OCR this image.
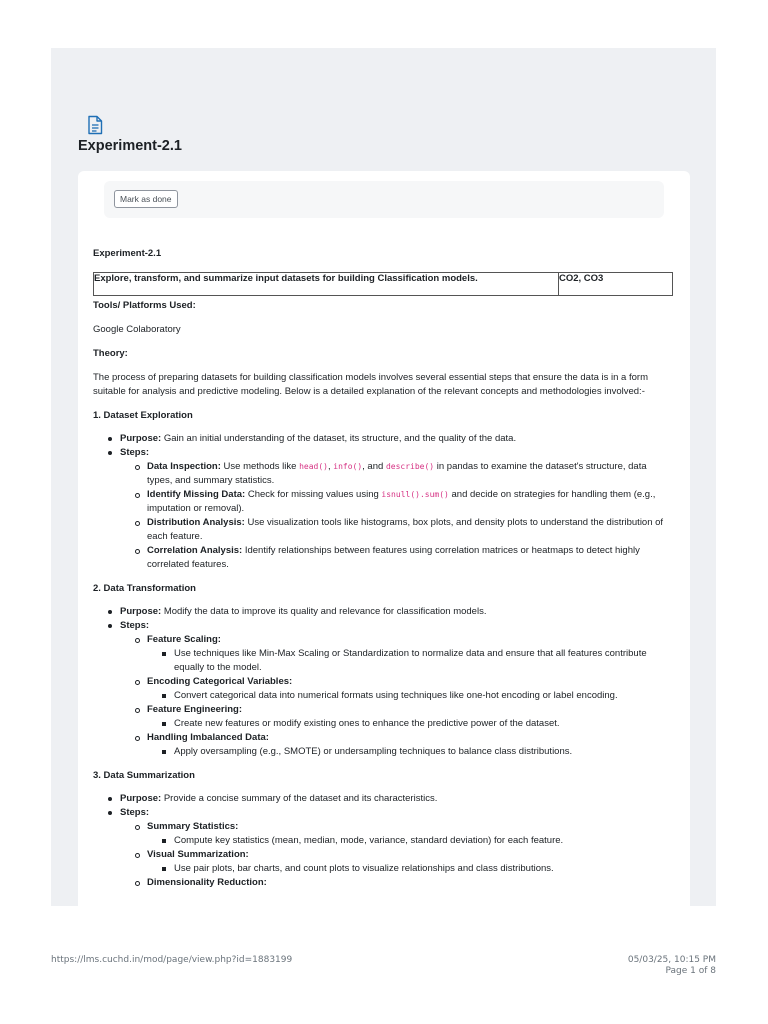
Experiment-2.1
Mark as done

Experiment-2.1

Explore, transform, and summarize input datasets for building Classification models.	CO2, CO3

Tools/ Platforms Used:

Google Colaboratory

Theory:

The process of preparing datasets for building classification models involves several essential steps that ensure the data is in a form suitable for analysis and predictive modeling. Below is a detailed explanation of the relevant concepts and methodologies involved:-

1. Dataset Exploration

Purpose: Gain an initial understanding of the dataset, its structure, and the quality of the data.
Steps:
Data Inspection: Use methods like head(), info(), and describe() in pandas to examine the dataset's structure, data types, and summary statistics.
Identify Missing Data: Check for missing values using isnull().sum() and decide on strategies for handling them (e.g., imputation or removal).
Distribution Analysis: Use visualization tools like histograms, box plots, and density plots to understand the distribution of each feature.
Correlation Analysis: Identify relationships between features using correlation matrices or heatmaps to detect highly correlated features.

2. Data Transformation

Purpose: Modify the data to improve its quality and relevance for classification models.
Steps:
Feature Scaling:
Use techniques like Min-Max Scaling or Standardization to normalize data and ensure that all features contribute equally to the model.
Encoding Categorical Variables:
Convert categorical data into numerical formats using techniques like one-hot encoding or label encoding.
Feature Engineering:
Create new features or modify existing ones to enhance the predictive power of the dataset.
Handling Imbalanced Data:
Apply oversampling (e.g., SMOTE) or undersampling techniques to balance class distributions.

3. Data Summarization

Purpose: Provide a concise summary of the dataset and its characteristics.
Steps:
Summary Statistics:
Compute key statistics (mean, median, mode, variance, standard deviation) for each feature.
Visual Summarization:
Use pair plots, bar charts, and count plots to visualize relationships and class distributions.
Dimensionality Reduction:
https://lms.cuchd.in/mod/page/view.php?id=1883199	05/03/25, 10:15 PM
Page 1 of 8
